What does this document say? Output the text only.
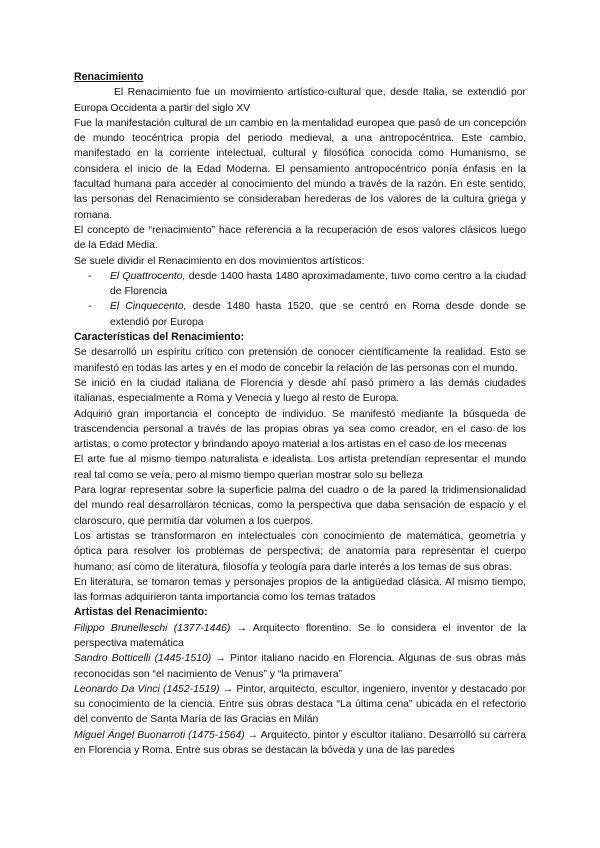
Renacimiento

El Renacimiento fue un movimiento artístico-cultural que, desde Italia, se extendió por Europa Occidenta a partir del siglo XV

Fue la manifestación cultural de un cambio en la mentalidad europea que pasó de un concepción de mundo teocéntrica propia del periodo medieval, a una antropocéntrica. Este cambio, manifestado en la corriente intelectual, cultural y filosófica conocida como Humanismo, se considera el inicio de la Edad Moderna. El pensamiento antropocéntrico ponía énfasis en la facultad humana para acceder al conocimiento del mundo a través de la razón. En este sentido, las personas del Renacimiento se consideraban herederas de los valores de la cultura griega y romana.

El concepto de “renacimiento” hace referencia a la recuperación de esos valores clásicos luego de la Edad Media.

Se suele dividir el Renacimiento en dos movimientos artísticos:

- El Quattrocento, desde 1400 hasta 1480 aproximadamente, tuvo como centro a la ciudad de Florencia
- El Cinquecento, desde 1480 hasta 1520, que se centró en Roma desde donde se extendió por Europa

Características del Renacimiento:

Se desarrolló un espíritu crítico con pretensión de conocer científicamente la realidad. Esto se manifestó en todas las artes y en el modo de concebir la relación de las personas con el mundo.

Se inició en la ciudad italiana de Florencia y desde ahí pasó primero a las demás ciudades italianas, especialmente a Roma y Venecia y luego al resto de Europa.

Adquirió gran importancia el concepto de individuo. Se manifestó mediante la búsqueda de trascendencia personal a través de las propias obras ya sea como creador, en el caso de los artistas; o como protector y brindando apoyo material a los artistas en el caso de los mecenas

El arte fue al mismo tiempo naturalista e idealista. Los artista pretendían representar el mundo real tal como se veía, pero al mismo tiempo querían mostrar solo su belleza

Para lograr representar sobre la superficie palma del cuadro o de la pared la tridimensionalidad del mundo real desarrollaron técnicas, como la perspectiva que daba sensación de espacio y el claroscuro, que permitía dar volumen a los cuerpos.

Los artistas se transformaron en intelectuales con conocimiento de matemática, geometría y óptica para resolver los problemas de perspectiva; de anatomía para representar el cuerpo humano; así como de literatura, filosofía y teología para darle interés a los temas de sus obras.

En literatura, se tomaron temas y personajes propios de la antigüedad clásica. Al mismo tiempo, las formas adquirieron tanta importancia como los temas tratados

Artistas del Renacimiento:

Filippo Brunelleschi (1377-1446) → Arquitecto florentino. Se lo considera el inventor de la perspectiva matemática

Sandro Botticelli (1445-1510) → Pintor italiano nacido en Florencia. Algunas de sus obras más reconocidas son “el nacimiento de Venus” y “la primavera”

Leonardo Da Vinci (1452-1519) → Pintor, arquitecto, escultor, ingeniero, inventor y destacado por su conocimiento de la ciencia. Entre sus obras destaca “La última cena” ubicada en el refectorio del convento de Santa María de las Gracias en Milán

Miguel Ángel Buonarroti (1475-1564) → Arquitecto, pintor y escultor italiano. Desarrolló su carrera en Florencia y Roma. Entre sus obras se destacan la bóveda y una de las paredes
